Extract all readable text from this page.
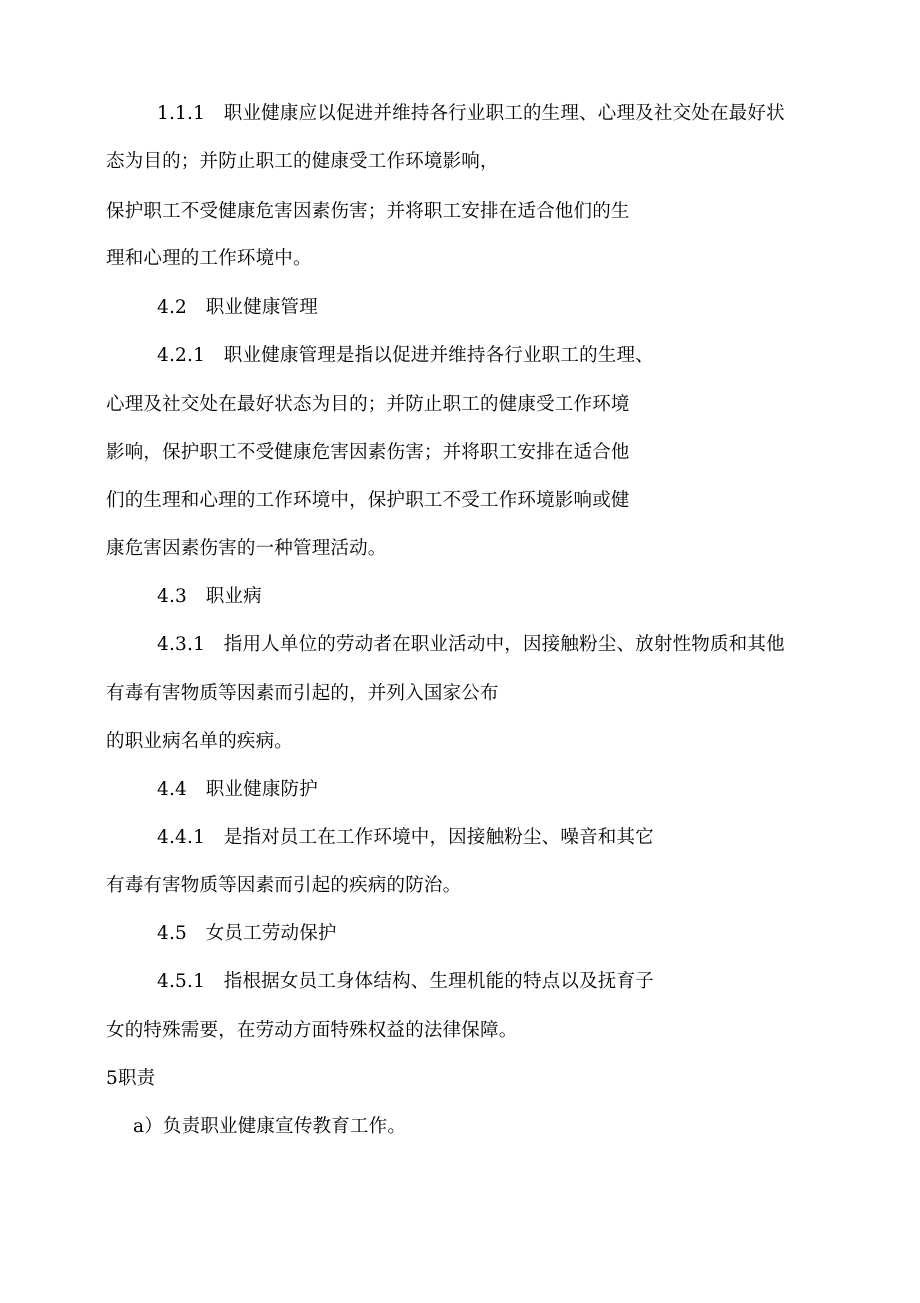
1.1.1　职业健康应以促进并维持各行业职工的生理、心理及社交处在最好状
态为目的；并防止职工的健康受工作环境影响，
保护职工不受健康危害因素伤害；并将职工安排在适合他们的生
理和心理的工作环境中。
4.2　职业健康管理
4.2.1　职业健康管理是指以促进并维持各行业职工的生理、
心理及社交处在最好状态为目的；并防止职工的健康受工作环境
影响，保护职工不受健康危害因素伤害；并将职工安排在适合他
们的生理和心理的工作环境中，保护职工不受工作环境影响或健
康危害因素伤害的一种管理活动。
4.3　职业病
4.3.1　指用人单位的劳动者在职业活动中，因接触粉尘、放射性物质和其他
有毒有害物质等因素而引起的，并列入国家公布
的职业病名单的疾病。
4.4　职业健康防护
4.4.1　是指对员工在工作环境中，因接触粉尘、噪音和其它
有毒有害物质等因素而引起的疾病的防治。
4.5　女员工劳动保护
4.5.1　指根据女员工身体结构、生理机能的特点以及抚育子
女的特殊需要，在劳动方面特殊权益的法律保障。
5职责
a）负责职业健康宣传教育工作。
